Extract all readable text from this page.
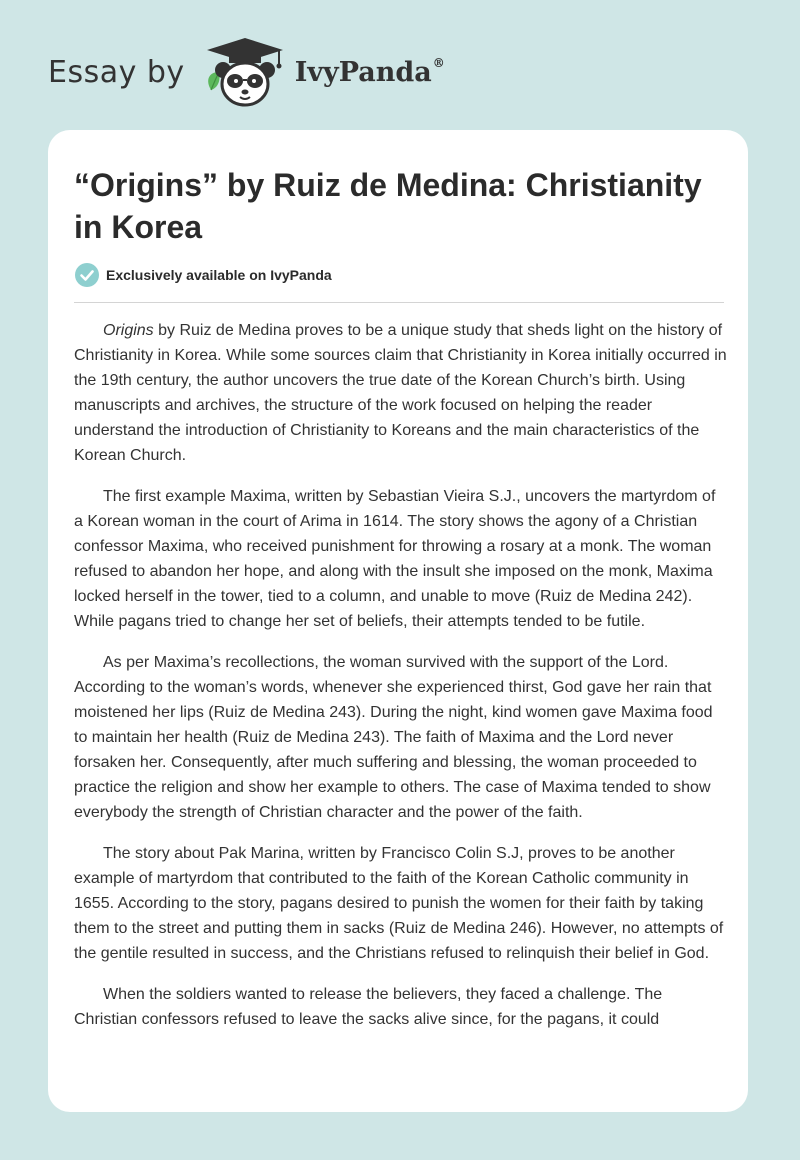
Essay by	IvyPanda®
“Origins” by Ruiz de Medina: Christianity in Korea
Exclusively available on IvyPanda

Origins by Ruiz de Medina proves to be a unique study that sheds light on the history of Christianity in Korea. While some sources claim that Christianity in Korea initially occurred in the 19th century, the author uncovers the true date of the Korean Church’s birth. Using manuscripts and archives, the structure of the work focused on helping the reader understand the introduction of Christianity to Koreans and the main characteristics of the Korean Church.

The first example Maxima, written by Sebastian Vieira S.J., uncovers the martyrdom of a Korean woman in the court of Arima in 1614. The story shows the agony of a Christian confessor Maxima, who received punishment for throwing a rosary at a monk. The woman refused to abandon her hope, and along with the insult she imposed on the monk, Maxima locked herself in the tower, tied to a column, and unable to move (Ruiz de Medina 242). While pagans tried to change her set of beliefs, their attempts tended to be futile.

As per Maxima’s recollections, the woman survived with the support of the Lord. According to the woman’s words, whenever she experienced thirst, God gave her rain that moistened her lips (Ruiz de Medina 243). During the night, kind women gave Maxima food to maintain her health (Ruiz de Medina 243). The faith of Maxima and the Lord never forsaken her. Consequently, after much suffering and blessing, the woman proceeded to practice the religion and show her example to others. The case of Maxima tended to show everybody the strength of Christian character and the power of the faith.

The story about Pak Marina, written by Francisco Colin S.J, proves to be another example of martyrdom that contributed to the faith of the Korean Catholic community in 1655. According to the story, pagans desired to punish the women for their faith by taking them to the street and putting them in sacks (Ruiz de Medina 246). However, no attempts of the gentile resulted in success, and the Christians refused to relinquish their belief in God.

When the soldiers wanted to release the believers, they faced a challenge. The Christian confessors refused to leave the sacks alive since, for the pagans, it could
